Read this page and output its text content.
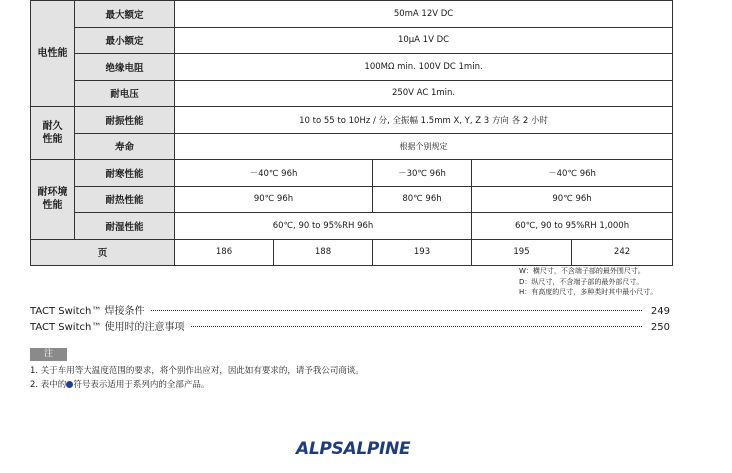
电性能	最大额定	50mA 12V DC				
	最小额定	10μA 1V DC				
	绝缘电阻	100MΩ min. 100V DC 1min.				
	耐电压	250V AC 1min.				
耐久
性能	耐振性能	10 to 55 to 10Hz / 分, 全振幅 1.5mm X, Y, Z 3 方向 各 2 小时				
	寿命	根据个别规定				
耐环境
性能	耐寒性能	－40℃ 96h		－30℃ 96h	－40℃ 96h	
	耐热性能	90℃ 96h		80℃ 96h	90℃ 96h	
	耐湿性能	60℃, 90 to 95%RH 96h			60℃, 90 to 95%RH 1,000h	
页		186	188	193	195	242
W：横尺寸，不含端子部的最外围尺寸。
D：纵尺寸，不含端子部的最外部尺寸。
H：有高度的尺寸，多种类时其中最小尺寸。
TACT Switch™ 焊接条件	249
TACT Switch™ 使用时的注意事项	250
注
1. 关于车用等大温度范围的要求，将个别作出应对，因此如有要求的，请予我公司商谈。
2. 表中的 符号表示适用于系列内的全部产品。
ALPSALPINE
